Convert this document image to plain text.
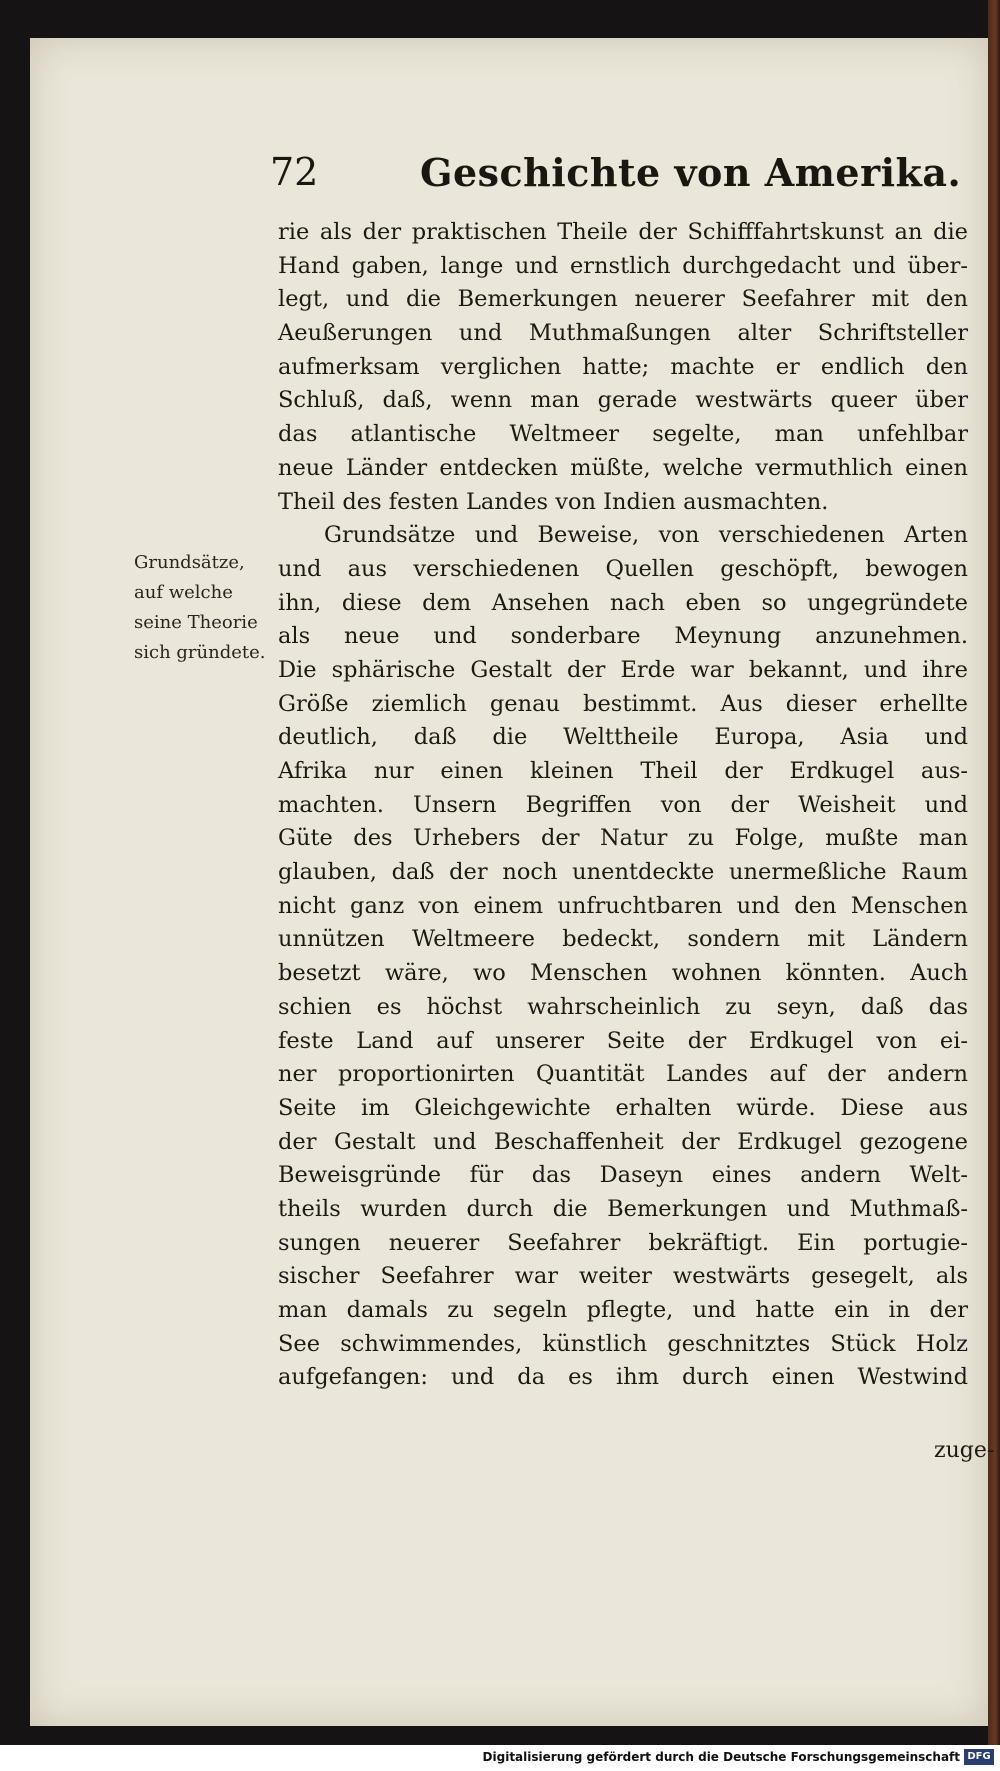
72	Geschichte von Amerika.
Grundsätze,
auf welche
seine Theorie
sich gründete.
rie als der praktischen Theile der Schifffahrtskunst an die
Hand gaben, lange und ernstlich durchgedacht und über-
legt, und die Bemerkungen neuerer Seefahrer mit den
Aeußerungen und Muthmaßungen alter Schriftsteller
aufmerksam verglichen hatte; machte er endlich den
Schluß, daß, wenn man gerade westwärts queer über
das atlantische Weltmeer segelte, man unfehlbar
neue Länder entdecken müßte, welche vermuthlich einen
Theil des festen Landes von Indien ausmachten.
Grundsätze und Beweise, von verschiedenen Arten
und aus verschiedenen Quellen geschöpft, bewogen
ihn, diese dem Ansehen nach eben so ungegründete
als neue und sonderbare Meynung anzunehmen.
Die sphärische Gestalt der Erde war bekannt, und ihre
Größe ziemlich genau bestimmt. Aus dieser erhellte
deutlich, daß die Welttheile Europa, Asia und
Afrika nur einen kleinen Theil der Erdkugel aus-
machten. Unsern Begriffen von der Weisheit und
Güte des Urhebers der Natur zu Folge, mußte man
glauben, daß der noch unentdeckte unermeßliche Raum
nicht ganz von einem unfruchtbaren und den Menschen
unnützen Weltmeere bedeckt, sondern mit Ländern
besetzt wäre, wo Menschen wohnen könnten. Auch
schien es höchst wahrscheinlich zu seyn, daß das
feste Land auf unserer Seite der Erdkugel von ei-
ner proportionirten Quantität Landes auf der andern
Seite im Gleichgewichte erhalten würde. Diese aus
der Gestalt und Beschaffenheit der Erdkugel gezogene
Beweisgründe für das Daseyn eines andern Welt-
theils wurden durch die Bemerkungen und Muthmaß-
sungen neuerer Seefahrer bekräftigt. Ein portugie-
sischer Seefahrer war weiter westwärts gesegelt, als
man damals zu segeln pflegte, und hatte ein in der
See schwimmendes, künstlich geschnitztes Stück Holz
aufgefangen: und da es ihm durch einen Westwind
zuge-
Digitalisierung gefördert durch die Deutsche Forschungsgemeinschaft DFG
